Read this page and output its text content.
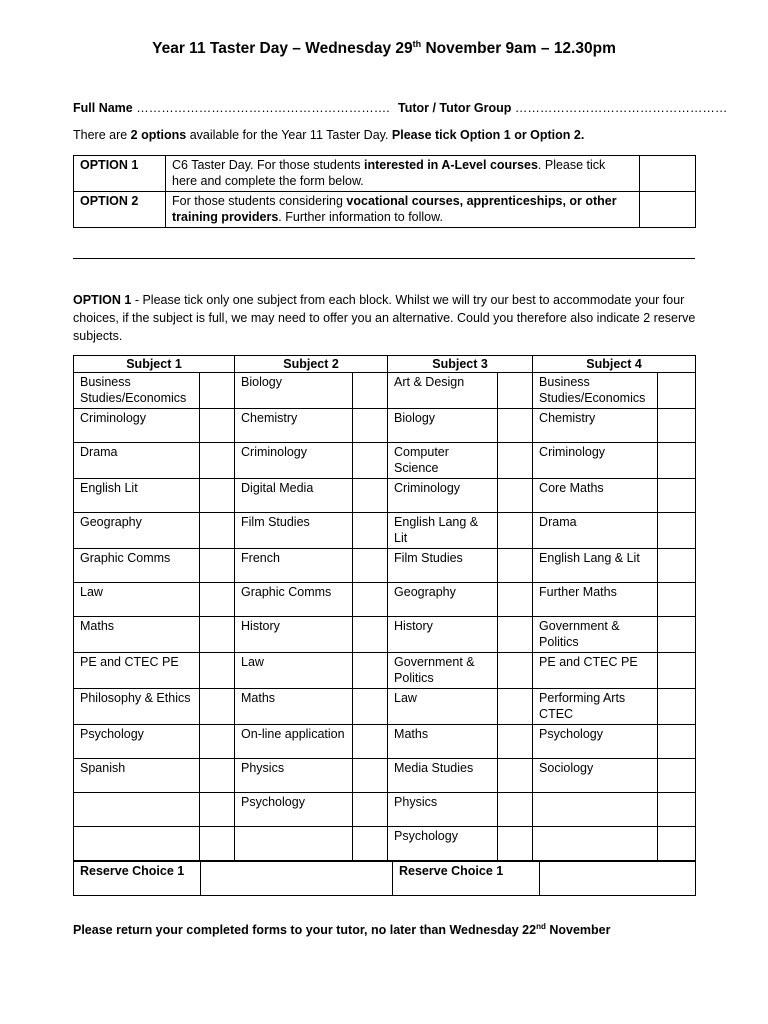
Year 11 Taster Day – Wednesday 29th November 9am – 12.30pm
Full Name ……………………………………………………. Tutor / Tutor Group ……………………………………………
There are 2 options available for the Year 11 Taster Day. Please tick Option 1 or Option 2.
OPTION 1	C6 Taster Day. For those students interested in A-Level courses. Please tick here and complete the form below.	
OPTION 2	For those students considering vocational courses, apprenticeships, or other training providers. Further information to follow.	
OPTION 1 - Please tick only one subject from each block. Whilst we will try our best to accommodate your four choices, if the subject is full, we may need to offer you an alternative. Could you therefore also indicate 2 reserve subjects.
Subject 1		Subject 2		Subject 3		Subject 4	
Business Studies/Economics		Biology		Art & Design		Business Studies/Economics	
Criminology		Chemistry		Biology		Chemistry	
Drama		Criminology		Computer Science		Criminology	
English Lit		Digital Media		Criminology		Core Maths	
Geography		Film Studies		English Lang & Lit		Drama	
Graphic Comms		French		Film Studies		English Lang & Lit	
Law		Graphic Comms		Geography		Further Maths	
Maths		History		History		Government & Politics	
PE and CTEC PE		Law		Government & Politics		PE and CTEC PE	
Philosophy & Ethics		Maths		Law		Performing Arts CTEC	
Psychology		On-line application		Maths		Psychology	
Spanish		Physics		Media Studies		Sociology	
		Psychology		Physics			
				Psychology			
Reserve Choice 1		Reserve Choice 1	
Please return your completed forms to your tutor, no later than Wednesday 22nd November
